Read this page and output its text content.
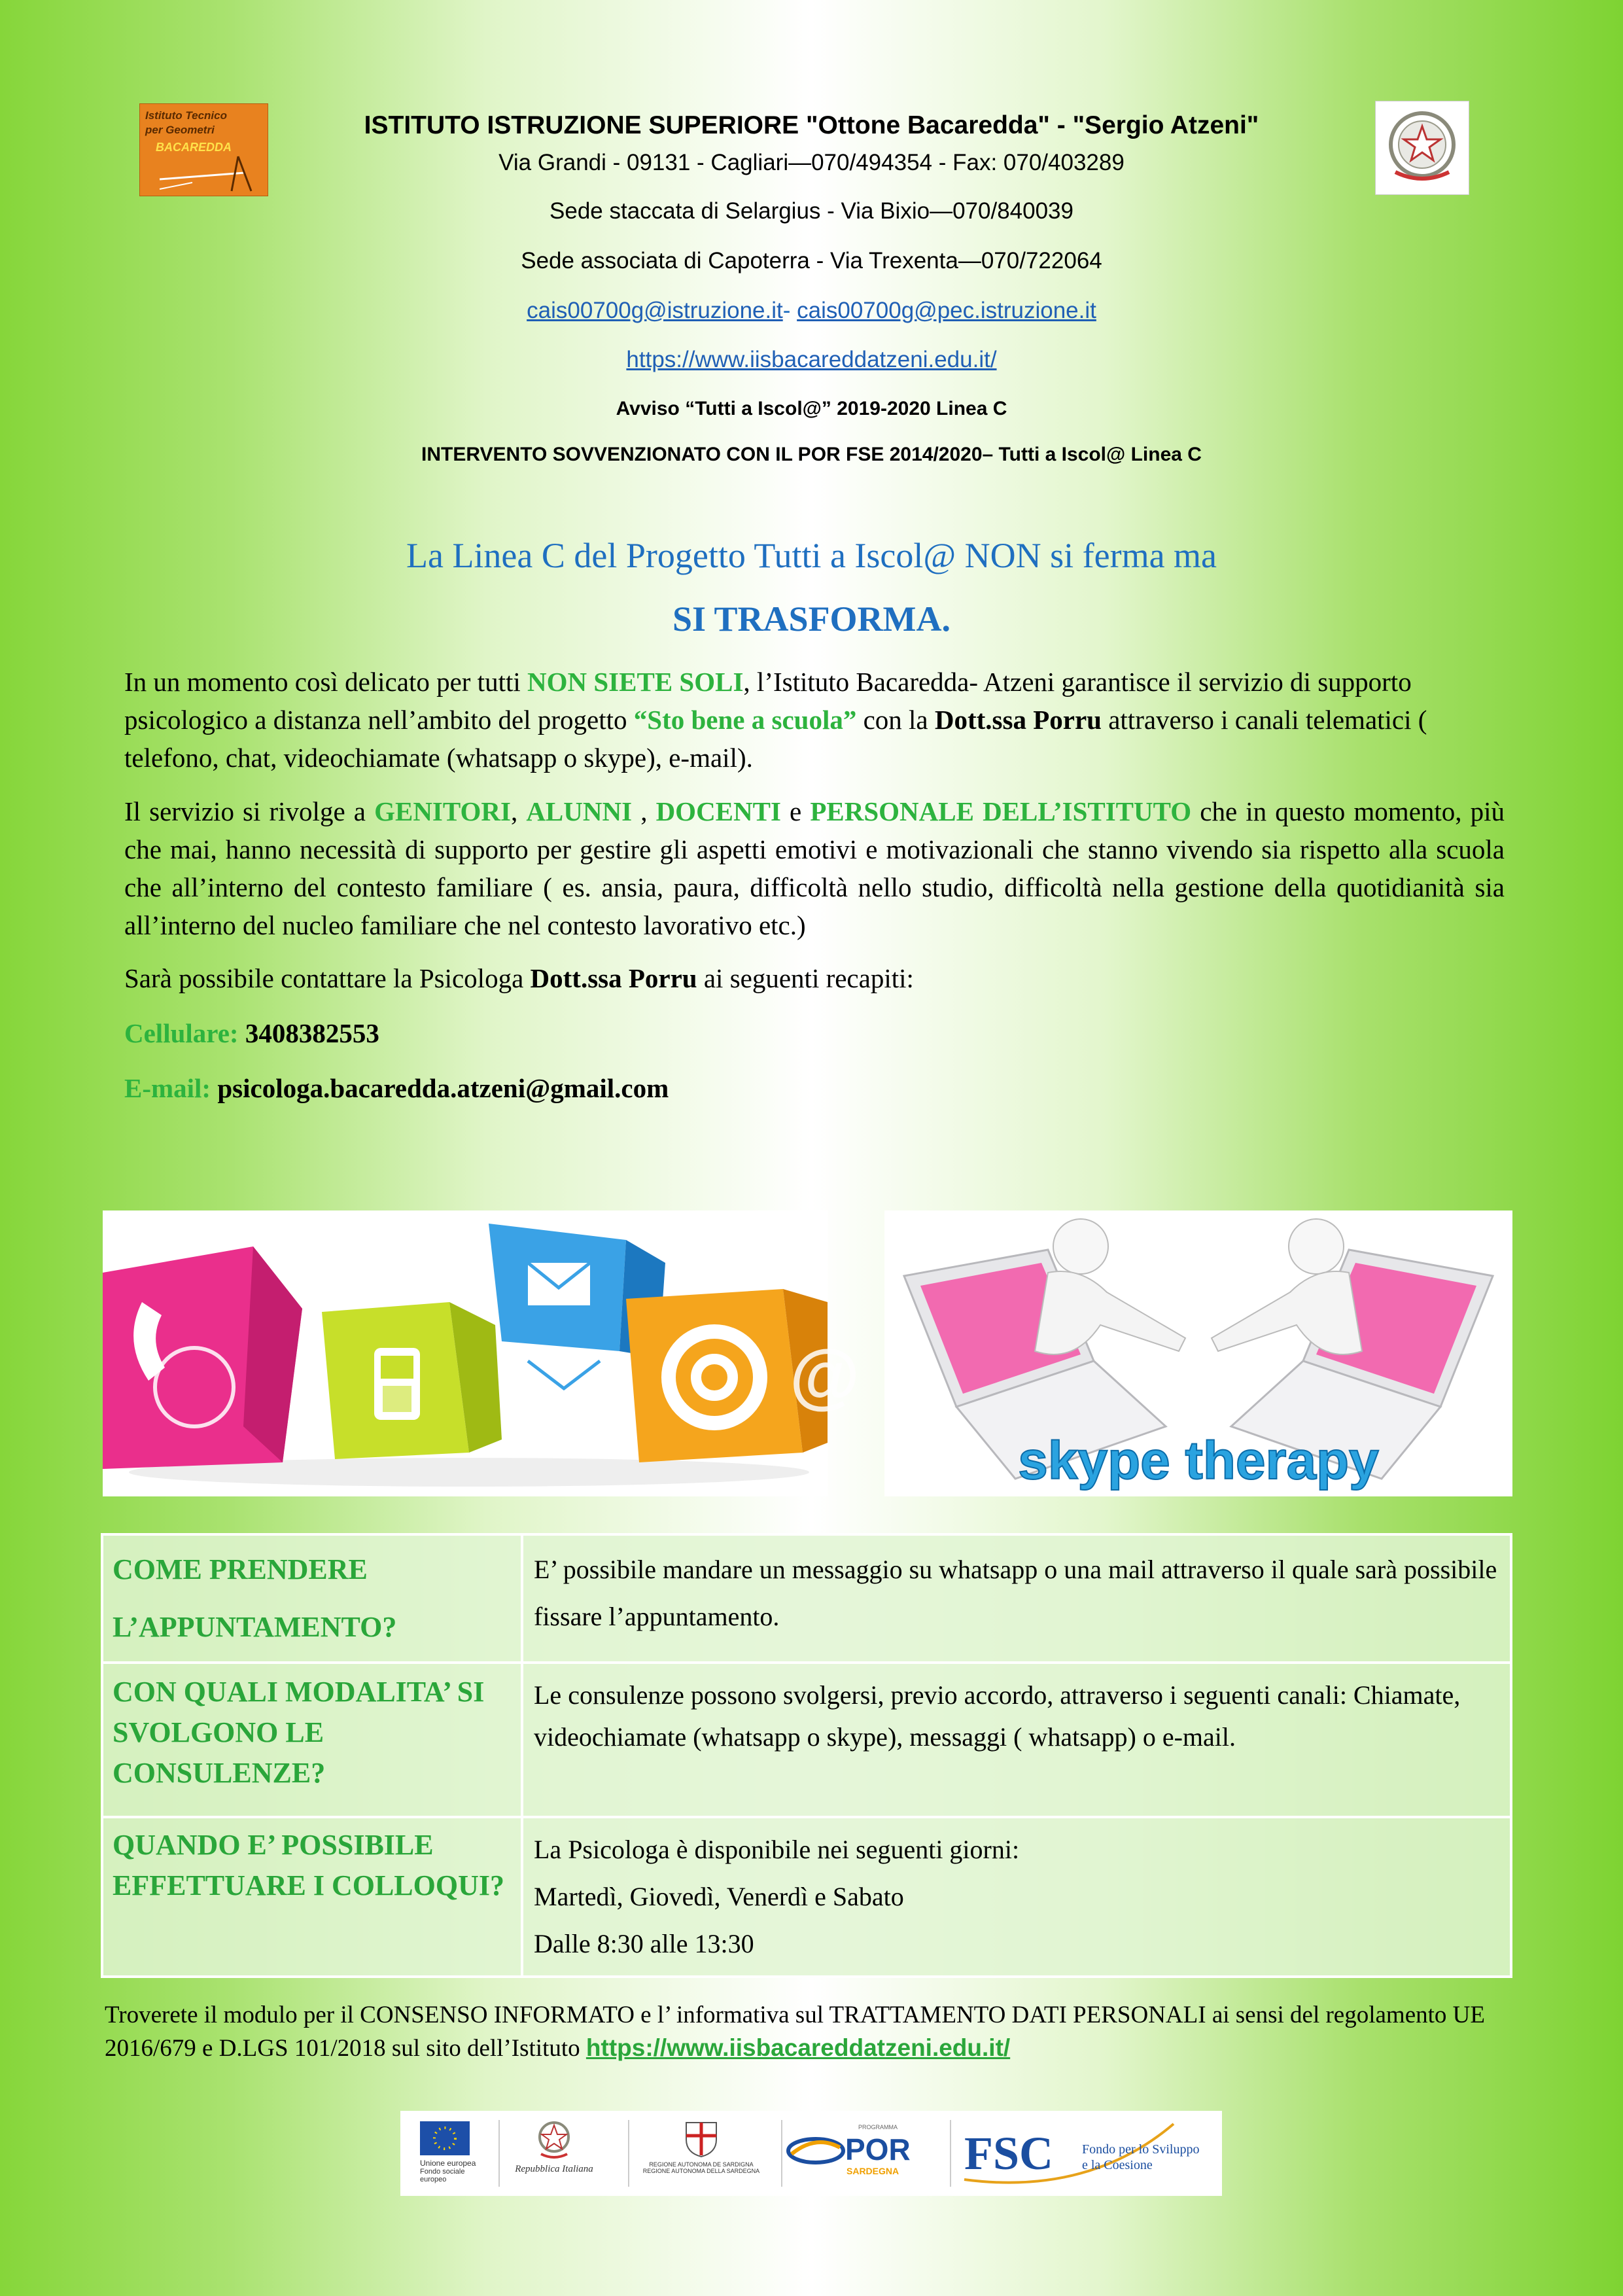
Istituto Tecnico
per Geometri
BACAREDDA
ISTITUTO ISTRUZIONE SUPERIORE "Ottone Bacaredda" - "Sergio Atzeni"
Via Grandi - 09131 - Cagliari—070/494354 - Fax: 070/403289
Sede staccata di Selargius - Via Bixio—070/840039
Sede associata di Capoterra - Via Trexenta—070/722064
cais00700g@istruzione.it- cais00700g@pec.istruzione.it
https://www.iisbacareddatzeni.edu.it/
Avviso “Tutti a Iscol@” 2019-2020 Linea C
INTERVENTO SOVVENZIONATO CON IL POR FSE 2014/2020– Tutti a Iscol@ Linea C
La Linea C del Progetto Tutti a Iscol@ NON si ferma ma
SI TRASFORMA.
In un momento così delicato per tutti NON SIETE SOLI, l’Istituto Bacaredda- Atzeni garantisce il servizio di supporto psicologico a distanza nell’ambito del progetto “Sto bene a scuola” con la Dott.ssa Porru attraverso i canali telematici ( telefono, chat, videochiamate (whatsapp o skype), e-mail).
Il servizio si rivolge a GENITORI, ALUNNI , DOCENTI e PERSONALE DELL’ISTITUTO che in questo momento, più che mai, hanno necessità di supporto per gestire gli aspetti emotivi e motivazionali che stanno vivendo sia rispetto alla scuola che all’interno del contesto familiare ( es. ansia, paura, difficoltà nello studio, difficoltà nella gestione della quotidianità sia all’interno del nucleo familiare che nel contesto lavorativo etc.)
Sarà possibile contattare la Psicologa Dott.ssa Porru ai seguenti recapiti:
Cellulare: 3408382553
E-mail: psicologa.bacaredda.atzeni@gmail.com
@
skype therapy
COME PRENDERE L’APPUNTAMENTO?	E’ possibile mandare un messaggio su whatsapp o una mail attraverso il quale sarà possibile fissare l’appuntamento.
CON QUALI MODALITA’ SI SVOLGONO LE CONSULENZE?	Le consulenze possono svolgersi, previo accordo, attraverso i seguenti canali: Chiamate, videochiamate (whatsapp o skype), messaggi ( whatsapp) o e-mail.
QUANDO E’ POSSIBILE EFFETTUARE I COLLOQUI?	La Psicologa è disponibile nei seguenti giorni:
Martedì, Giovedì, Venerdì e Sabato
Dalle 8:30 alle 13:30
Troverete il modulo per il CONSENSO INFORMATO e l’ informativa sul TRATTAMENTO DATI PERSONALI ai sensi del regolamento UE 2016/679 e D.LGS 101/2018 sul sito dell’Istituto https://www.iisbacareddatzeni.edu.it/
Unione europea
Fondo sociale europeo
Repubblica Italiana	REGIONE AUTONOMA DE SARDIGNA
REGIONE AUTONOMA DELLA SARDEGNA
PROGRAMMA
POR
SARDEGNA FSC Fondo per lo Sviluppo
e la Coesione
